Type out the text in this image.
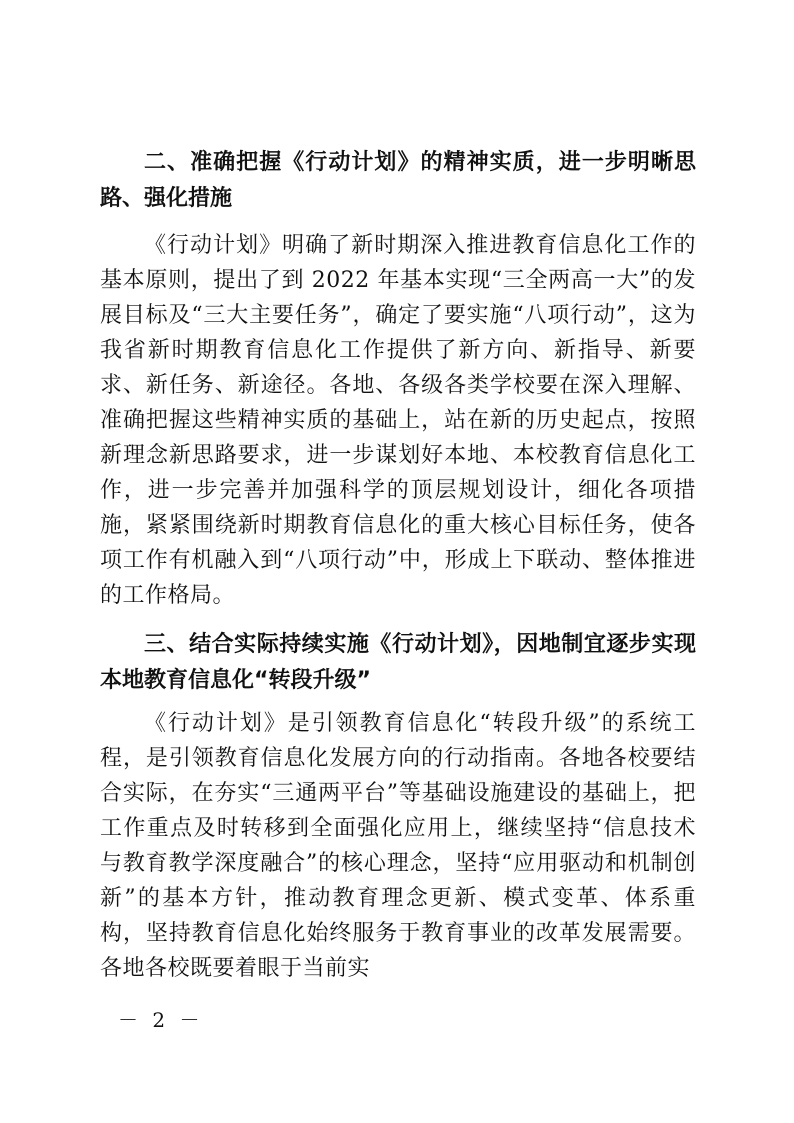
二、准确把握《行动计划》的精神实质，进一步明晰思路、强化措施

《行动计划》明确了新时期深入推进教育信息化工作的基本原则，提出了到 2022 年基本实现“三全两高一大”的发展目标及“三大主要任务”，确定了要实施“八项行动”，这为我省新时期教育信息化工作提供了新方向、新指导、新要求、新任务、新途径。各地、各级各类学校要在深入理解、准确把握这些精神实质的基础上，站在新的历史起点，按照新理念新思路要求，进一步谋划好本地、本校教育信息化工作，进一步完善并加强科学的顶层规划设计，细化各项措施，紧紧围绕新时期教育信息化的重大核心目标任务，使各项工作有机融入到“八项行动”中，形成上下联动、整体推进的工作格局。

三、结合实际持续实施《行动计划》，因地制宜逐步实现本地教育信息化“转段升级”

《行动计划》是引领教育信息化“转段升级”的系统工程，是引领教育信息化发展方向的行动指南。各地各校要结合实际，在夯实“三通两平台”等基础设施建设的基础上，把工作重点及时转移到全面强化应用上，继续坚持“信息技术与教育教学深度融合”的核心理念，坚持“应用驱动和机制创新”的基本方针，推动教育理念更新、模式变革、体系重构，坚持教育信息化始终服务于教育事业的改革发展需要。各地各校既要着眼于当前实

－ 2 －
